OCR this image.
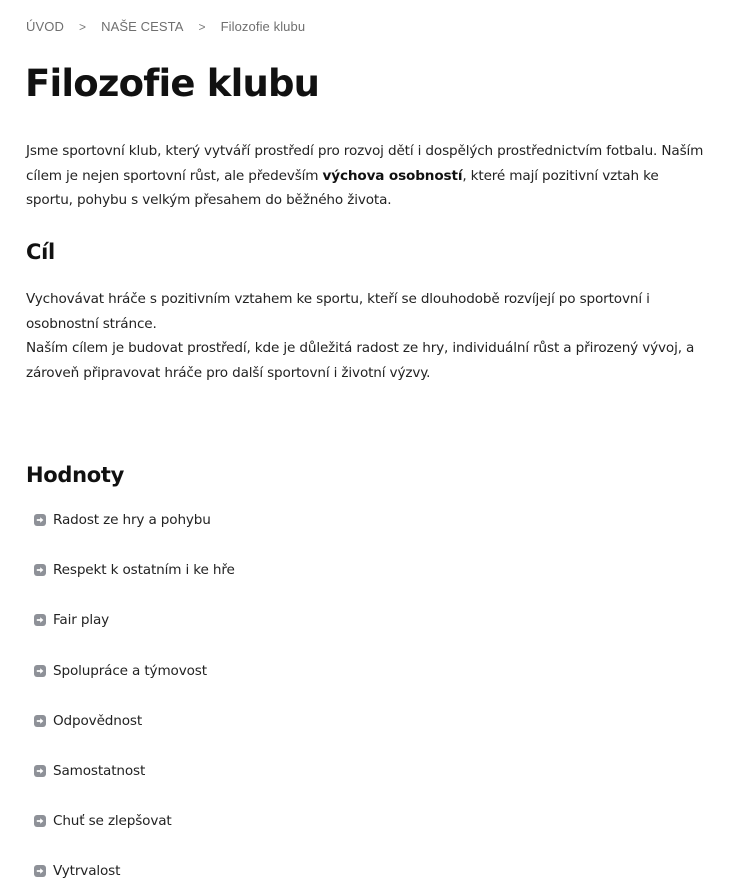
ÚVOD > NAŠE CESTA > Filozofie klubu
Filozofie klubu

Jsme sportovní klub, který vytváří prostředí pro rozvoj dětí i dospělých prostřednictvím fotbalu. Naším cílem je nejen sportovní růst, ale především výchova osobností, které mají pozitivní vztah ke sportu, pohybu s velkým přesahem do běžného života.

Cíl
Vychovávat hráče s pozitivním vztahem ke sportu, kteří se dlouhodobě rozvíjejí po sportovní i osobnostní stránce.
Naším cílem je budovat prostředí, kde je důležitá radost ze hry, individuální růst a přirozený vývoj, a zároveň připravovat hráče pro další sportovní i životní výzvy.
Hodnoty
Radost ze hry a pohybu
Respekt k ostatním i ke hře
Fair play
Spolupráce a týmovost
Odpovědnost
Samostatnost
Chuť se zlepšovat
Vytrvalost
